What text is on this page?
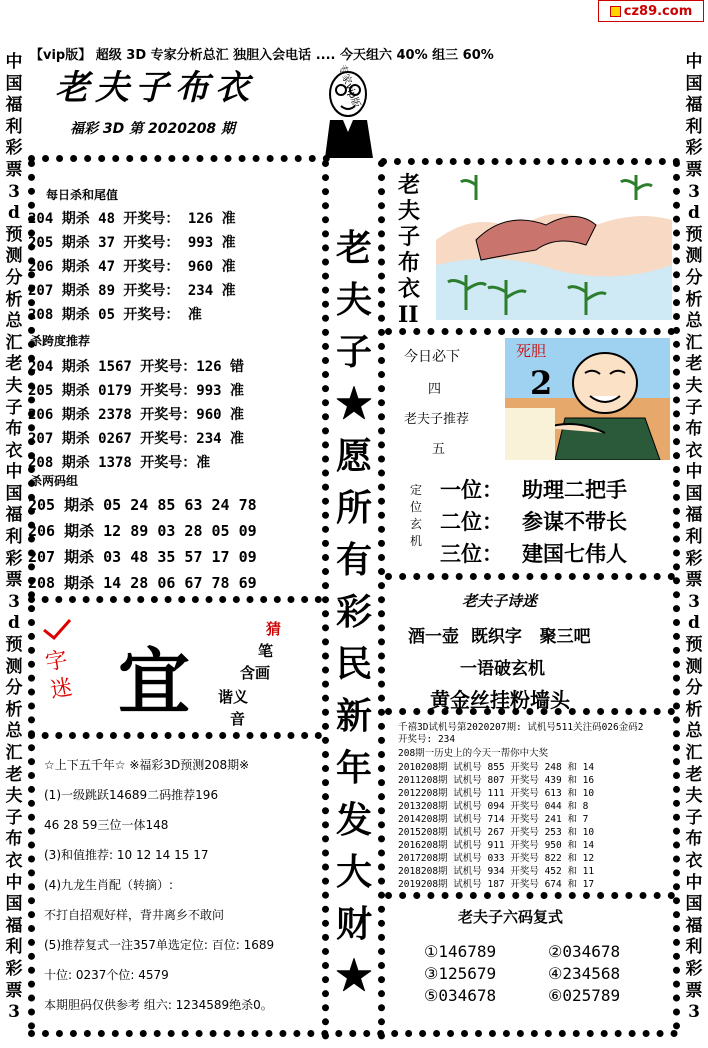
cz89.com
【vip版】 超级 3D 专家分析总汇 独胆入会电话 .... 今天组六 40% 组三 60%
中
国
福
利
彩
票
3
d
预
测
分
析
总
汇
老
夫
子
布
衣
中
国
福
利
彩
票
3
d
预
测
分
析
总
汇
老
夫
子
布
衣
中
国
福
利
彩
票
3
中
国
福
利
彩
票
3
d
预
测
分
析
总
汇
老
夫
子
布
衣
中
国
福
利
彩
票
3
d
预
测
分
析
总
汇
老
夫
子
布
衣
中
国
福
利
彩
票
3
老夫子布衣
福彩 3D 第 2020208 期
专家vip版
老夫子★愿所有彩民新年发大财★
每日杀和尾值
204 期杀 48 开奖号： 126 准
205 期杀 37 开奖号： 993 准
206 期杀 47 开奖号： 960 准
207 期杀 89 开奖号： 234 准
208 期杀 05 开奖号： 准
杀跨度推荐
204 期杀 1567 开奖号：126 错
205 期杀 0179 开奖号：993 准
206 期杀 2378 开奖号：960 准
207 期杀 0267 开奖号：234 准
208 期杀 1378 开奖号：准
杀两码组
205 期杀 05 24 85 63 24 78
206 期杀 12 89 03 28 05 09
207 期杀 03 48 35 57 17 09
208 期杀 14 28 06 67 78 69
字迷 宜
猜
笔
含画
谐义
音
☆上下五千年☆ ※福彩3D预测208期※
(1)一级跳跃14689二码推荐196
46 28 59三位一体148
(3)和值推荐: 10 12 14 15 17
(4)九龙生肖配（转摘）:
不打自招观好样，背井离乡不敢问
(5)推荐复式一注357单选定位: 百位: 1689
十位: 0237个位: 4579
本期胆码仅供参考 组六: 1234589绝杀0。
老夫子布衣II
今日必下
四
老夫子推荐
五
死胆
2
定位玄机
一位： 助理二把手
二位： 参谋不带长
三位： 建国七伟人
老夫子诗迷
酒一壶  既织字   聚三吧
一语破玄机
黄金丝挂粉墙头
千禧3D试机号第2020207期: 试机号511关注码026金码2
开奖号: 234
208期一历史上的今天一帮你中大奖
2010208期 试机号 855 开奖号 248 和 14
2011208期 试机号 807 开奖号 439 和 16
2012208期 试机号 111 开奖号 613 和 10
2013208期 试机号 094 开奖号 044 和 8
2014208期 试机号 714 开奖号 241 和 7
2015208期 试机号 267 开奖号 253 和 10
2016208期 试机号 911 开奖号 950 和 14
2017208期 试机号 033 开奖号 822 和 12
2018208期 试机号 934 开奖号 452 和 11
2019208期 试机号 187 开奖号 674 和 17
老夫子六码复式
①146789	②034678
③125679	④234568
⑤034678	⑥025789
